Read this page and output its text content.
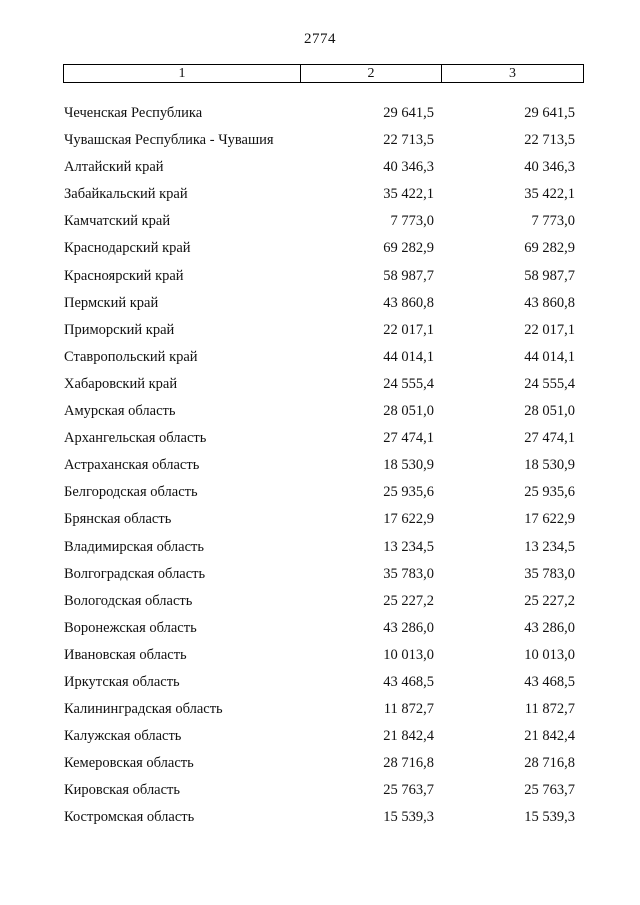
2774
1	2	3
Чеченская Республика	29 641,5	29 641,5
Чувашская Республика - Чувашия	22 713,5	22 713,5
Алтайский край	40 346,3	40 346,3
Забайкальский край	35 422,1	35 422,1
Камчатский край	7 773,0	7 773,0
Краснодарский край	69 282,9	69 282,9
Красноярский край	58 987,7	58 987,7
Пермский край	43 860,8	43 860,8
Приморский край	22 017,1	22 017,1
Ставропольский край	44 014,1	44 014,1
Хабаровский край	24 555,4	24 555,4
Амурская область	28 051,0	28 051,0
Архангельская область	27 474,1	27 474,1
Астраханская область	18 530,9	18 530,9
Белгородская область	25 935,6	25 935,6
Брянская область	17 622,9	17 622,9
Владимирская область	13 234,5	13 234,5
Волгоградская область	35 783,0	35 783,0
Вологодская область	25 227,2	25 227,2
Воронежская область	43 286,0	43 286,0
Ивановская область	10 013,0	10 013,0
Иркутская область	43 468,5	43 468,5
Калининградская область	11 872,7	11 872,7
Калужская область	21 842,4	21 842,4
Кемеровская область	28 716,8	28 716,8
Кировская область	25 763,7	25 763,7
Костромская область	15 539,3	15 539,3
